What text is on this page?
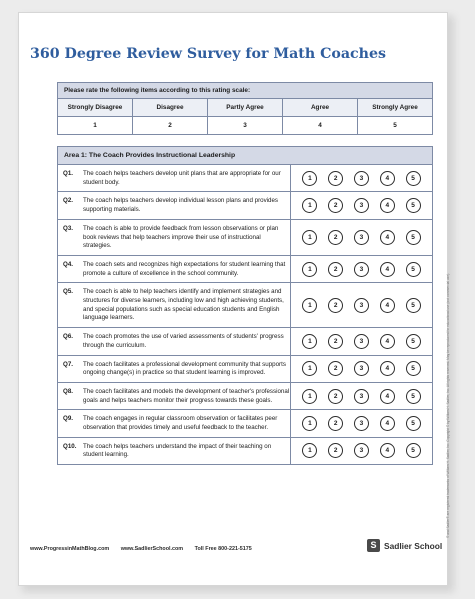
360 Degree Review Survey for Math Coaches
Please rate the following items according to this rating scale:
Strongly Disagree	Disagree	Partly Agree	Agree	Strongly Agree
1	2	3	4	5
Area 1: The Coach Provides Instructional Leadership
Q1.	The coach helps teachers develop unit plans that are appropriate for our student body.
1	2	3	4	5
Q2.	The coach helps teachers develop individual lesson plans and provides supporting materials.
1	2	3	4	5
Q3.	The coach is able to provide feedback from lesson observations or plan book reviews that help teachers improve their use of instructional strategies.
1	2	3	4	5
Q4.	The coach sets and recognizes high expectations for student learning that promote a culture of excellence in the school community.
1	2	3	4	5
Q5.	The coach is able to help teachers identify and implement strategies and structures for diverse learners, including low and high achieving students, and special populations such as special education students and English language learners.
1	2	3	4	5
Q6.	The coach promotes the use of varied assessments of students' progress through the curriculum.
1	2	3	4	5
Q7.	The coach facilitates a professional development community that supports ongoing change(s) in practice so that student learning is improved.
1	2	3	4	5
Q8.	The coach facilitates and models the development of teacher's professional goals and helps teachers monitor their progress towards these goals.
1	2	3	4	5
Q9.	The coach engages in regular classroom observation or facilitates peer observation that provides timely and useful feedback to the teacher.
1	2	3	4	5
Q10.	The coach helps teachers understand the impact of their teaching on student learning.
1	2	3	4	5
www.ProgressinMathBlog.com www.SadlierSchool.com Toll Free 800-221-5175	S Sadlier School
® and Sadlier® are registered trademarks of William H. Sadlier, Inc. Copyright © by William H. Sadlier, Inc. All rights reserved. May be reproduced for educational use (not commercial use).
